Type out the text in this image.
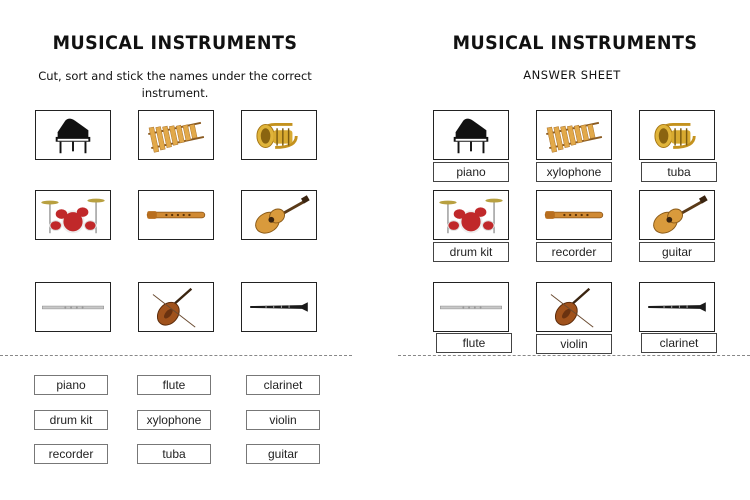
MUSICAL INSTRUMENTS
Cut, sort and stick the names under the correct instrument.
piano	flute	clarinet
drum kit	xylophone	violin
recorder	tuba	guitar
MUSICAL INSTRUMENTS
ANSWER SHEET
piano	xylophone	tuba
drum kit	recorder	guitar
flute	violin	clarinet
